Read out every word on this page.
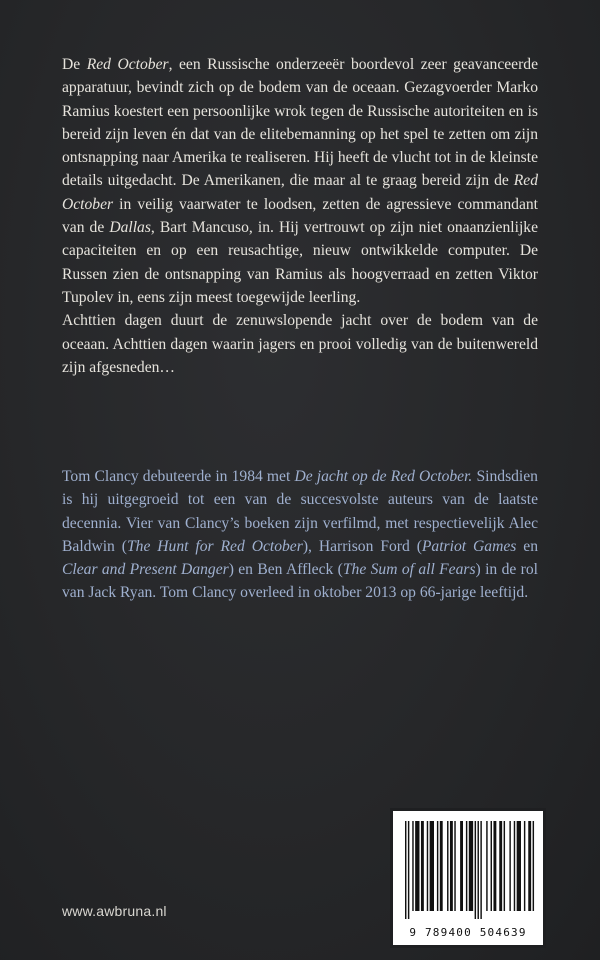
De Red October, een Russische onderzeeër boordevol zeer geavanceerde apparatuur, bevindt zich op de bodem van de oceaan. Gezagvoerder Marko Ramius koestert een persoonlijke wrok tegen de Russische autoriteiten en is bereid zijn leven én dat van de elitebemanning op het spel te zetten om zijn ontsnapping naar Amerika te realiseren. Hij heeft de vlucht tot in de kleinste details uitgedacht. De Amerikanen, die maar al te graag bereid zijn de Red October in veilig vaarwater te loodsen, zetten de agressieve commandant van de Dallas, Bart Mancuso, in. Hij vertrouwt op zijn niet onaanzienlijke capaciteiten en op een reusachtige, nieuw ontwikkelde computer. De Russen zien de ontsnapping van Ramius als hoogverraad en zetten Viktor Tupolev in, eens zijn meest toegewijde leerling.

Achttien dagen duurt de zenuwslopende jacht over de bodem van de oceaan. Achttien dagen waarin jagers en prooi volledig van de buitenwereld zijn afgesneden…

Tom Clancy debuteerde in 1984 met De jacht op de Red October. Sindsdien is hij uitgegroeid tot een van de succesvolste auteurs van de laatste decennia. Vier van Clancy’s boeken zijn verfilmd, met respectievelijk Alec Baldwin (The Hunt for Red October), Harrison Ford (Patriot Games en Clear and Present Danger) en Ben Affleck (The Sum of all Fears) in de rol van Jack Ryan. Tom Clancy overleed in oktober 2013 op 66-jarige leeftijd.

www.awbruna.nl
9 789400 504639
